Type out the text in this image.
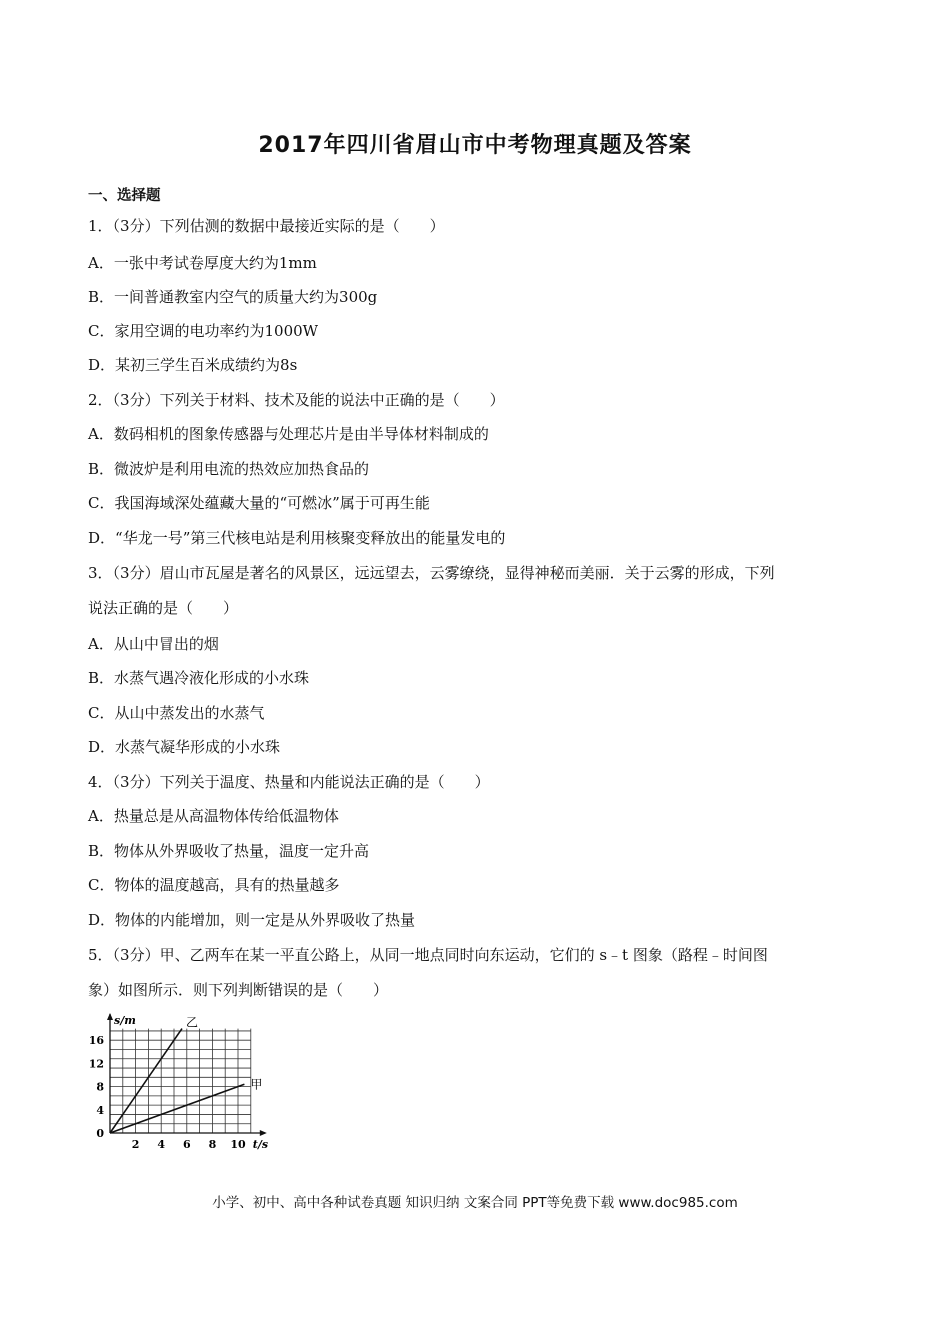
2017年四川省眉山市中考物理真题及答案
一、选择题
1．（3分）下列估测的数据中最接近实际的是（　　）
A．一张中考试卷厚度大约为1mm
B．一间普通教室内空气的质量大约为300g
C．家用空调的电功率约为1000W
D．某初三学生百米成绩约为8s
2．（3分）下列关于材料、技术及能的说法中正确的是（　　）
A．数码相机的图象传感器与处理芯片是由半导体材料制成的
B．微波炉是利用电流的热效应加热食品的
C．我国海域深处蕴藏大量的“可燃冰”属于可再生能
D．“华龙一号”第三代核电站是利用核聚变释放出的能量发电的
3．（3分）眉山市瓦屋是著名的风景区，远远望去，云雾缭绕，显得神秘而美丽．关于云雾的形成，下列
说法正确的是（　　）
A．从山中冒出的烟
B．水蒸气遇冷液化形成的小水珠
C．从山中蒸发出的水蒸气
D．水蒸气凝华形成的小水珠
4．（3分）下列关于温度、热量和内能说法正确的是（　　）
A．热量总是从高温物体传给低温物体
B．物体从外界吸收了热量，温度一定升高
C．物体的温度越高，具有的热量越多
D．物体的内能增加，则一定是从外界吸收了热量
5．（3分）甲、乙两车在某一平直公路上，从同一地点同时向东运动，它们的 s﹣t 图象（路程﹣时间图
象）如图所示．则下列判断错误的是（　　）
0
4
8
12
16
2 4 6 8 10
s/m
t/s
乙
甲
小学、初中、高中各种试卷真题 知识归纳 文案合同 PPT等免费下载 www.doc985.com
